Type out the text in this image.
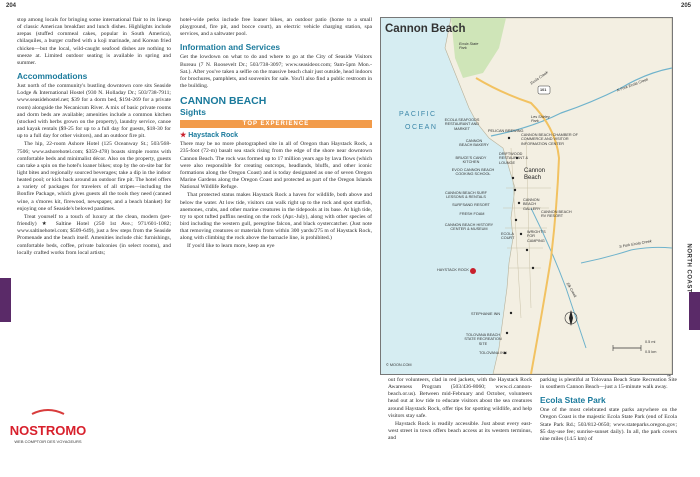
204	205
NORTH COAST

stop among locals for bringing some international flair to its lineup of classic American breakfast and lunch dishes. Highlights include arepas (stuffed cornmeal cakes, popular in South America), chilaquiles, a burger crafted with a koji marinade, and Korean fried chicken—but the local, wild-caught seafood dishes are nothing to sneeze at. Limited outdoor seating is available in spring and summer.

Accommodations

Just north of the community's bustling downtown core sits Seaside Lodge & International Hostel (930 N. Holladay Dr.; 503/738-7911; www.seasidehostel.net; $39 for a dorm bed, $194-269 for a private room) alongside the Necanicum River. A mix of basic private rooms and dorm beds are available; amenities include a common kitchen (stocked with herbs grown on the property), laundry service, canoe and kayak rentals ($9-25 for up to a full day for guests, $18-30 for up to a full day for other visitors), and an outdoor fire pit.

The hip, 22-room Ashore Hotel (125 Oceanway St.; 503/568-7506; www.ashorehotel.com; $359-478) boasts simple rooms with comfortable beds and minimalist décor. Also on the property, guests can take a spin on the hotel's loaner bikes; stop by the on-site bar for light bites and regionally sourced beverages; take a dip in the indoor heated pool; or kick back around an outdoor fire pit. The hotel offers a variety of packages for travelers of all stripes—including the Bonfire Package, which gives guests all the tools they need (canned wine, a s'mores kit, firewood, newspaper, and a beach blanket) for enjoying one of Seaside's beloved pastimes.

Treat yourself to a touch of luxury at the clean, modern (pet-friendly) ★ Saltine Hotel (250 1st Ave.; 971/601-1082; www.saltinehotel.com; $509-649), just a few steps from the Seaside Promenade and the beach itself. Amenities include chic furnishings, comfortable beds, coffee, private balconies (in select rooms), and locally crafted works from local artists;

hotel-wide perks include free loaner bikes, an outdoor patio (home to a small playground, fire pit, and bocce court), an electric vehicle charging station, spa services, and a saltwater pool.

Information and Services

Get the lowdown on what to do and where to go at the City of Seaside Visitors Bureau (7 N. Roosevelt Dr.; 503/738-3097; www.seasideor.com; 9am-5pm Mon.-Sat.). After you've taken a selfie on the massive beach chair just outside, head indoors for brochures, pamphlets, and souvenirs for sale. You'll also find a public restroom in the building.

CANNON BEACH
Sights
TOP EXPERIENCE
★ Haystack Rock

There may be no more photographed site in all of Oregon than Haystack Rock, a 235-foot (72-m) basalt sea stack rising from the edge of the shore near downtown Cannon Beach. The rock was formed up to 17 million years ago by lava flows (which were also responsible for creating outcrops, headlands, bluffs, and other iconic formations along the Oregon Coast) and is today designated as one of seven Oregon Marine Gardens along the Oregon Coast and protected as part of the Oregon Islands National Wildlife Refuge.

That protected status makes Haystack Rock a haven for wildlife, both above and below the water. At low tide, visitors can walk right up to the rock and spot starfish, anemones, crabs, and other marine creatures in the tidepools at its base. At high tide, try to spot tufted puffins nesting on the rock (Apr.-July), along with other species of bird including the western gull, peregrine falcon, and black oystercatcher. (Just note that removing creatures or materials from within 300 yards/275 m of Haystack Rock, along with climbing the rock above the barnacle line, is prohibited.)

If you'd like to learn more, keep an eye

out for volunteers, clad in red jackets, with the Haystack Rock Awareness Program (503/436-8060; www.ci.cannon-beach.or.us). Between mid-February and October, volunteers head out at low tide to educate visitors about the sea creatures around Haystack Rock, offer tips for spotting wildlife, and help visitors stay safe.

Haystack Rock is readily accessible. Just about every east-west street in town offers beach access at its western terminus, and

parking is plentiful at Tolovana Beach State Recreation Site in southern Cannon Beach—just a 15-minute walk away.

Ecola State Park

One of the most celebrated state parks anywhere on the Oregon Coast is the majestic Ecola State Park (end of Ecola State Park Rd.; 503/812-0650; www.stateparks.oregon.gov; $5 day-use fee; sunrise-sunset daily). In all, the park covers nine miles (14.5 km) of

Cannon Beach
PACIFIC
OCEAN
Cannon Beach
Ecola State Park
Ecola Creek
Les Shirley Park
ECOLA SEAFOODS RESTAURANT AND MARKET
PELICAN BREWING
CANNON BEACH BAKERY
CANNON BEACH CHAMBER OF COMMERCE AND VISITOR INFORMATION CENTER
DRIFTWOOD RESTAURANT & LOUNGE
BRUCE'S CANDY KITCHEN
EVOO CANNON BEACH COOKING SCHOOL
CANNON BEACH SURF LESSONS & RENTALS
SURFSAND RESORT
FRESH FOAM
CANNON BEACH HISTORY CENTER & MUSEUM
CANNON BEACH GALLERY
ECOLA COURT
WRIGHT'S FOR CAMPING
CANNON BEACH RV RESORT
HAYSTACK ROCK
STEPHANIE INN
TOLOVANA BEACH STATE RECREATION SITE
TOLOVANA INN
N Fork Ecola Creek
S Fork Ecola Creek
Elk Creek
101
© MOON.COM
0.5 mi
0.5 km
NOSTROMO
WEB COMPTOIR DES VOYAGEURS
